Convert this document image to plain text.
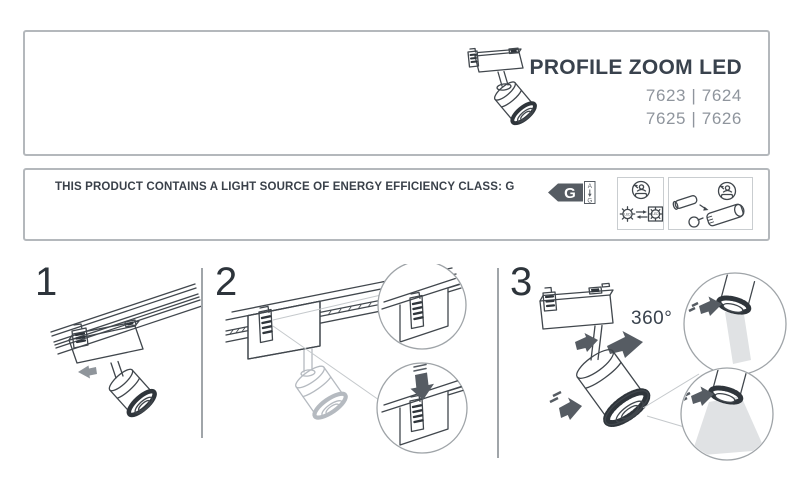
PROFILE ZOOM LED
7623 | 7624
7625 | 7626
THIS PRODUCT CONTAINS A LIGHT SOURCE OF ENERGY EFFICIENCY CLASS: G	G A
G
LED	LED
1	2	3
360°
